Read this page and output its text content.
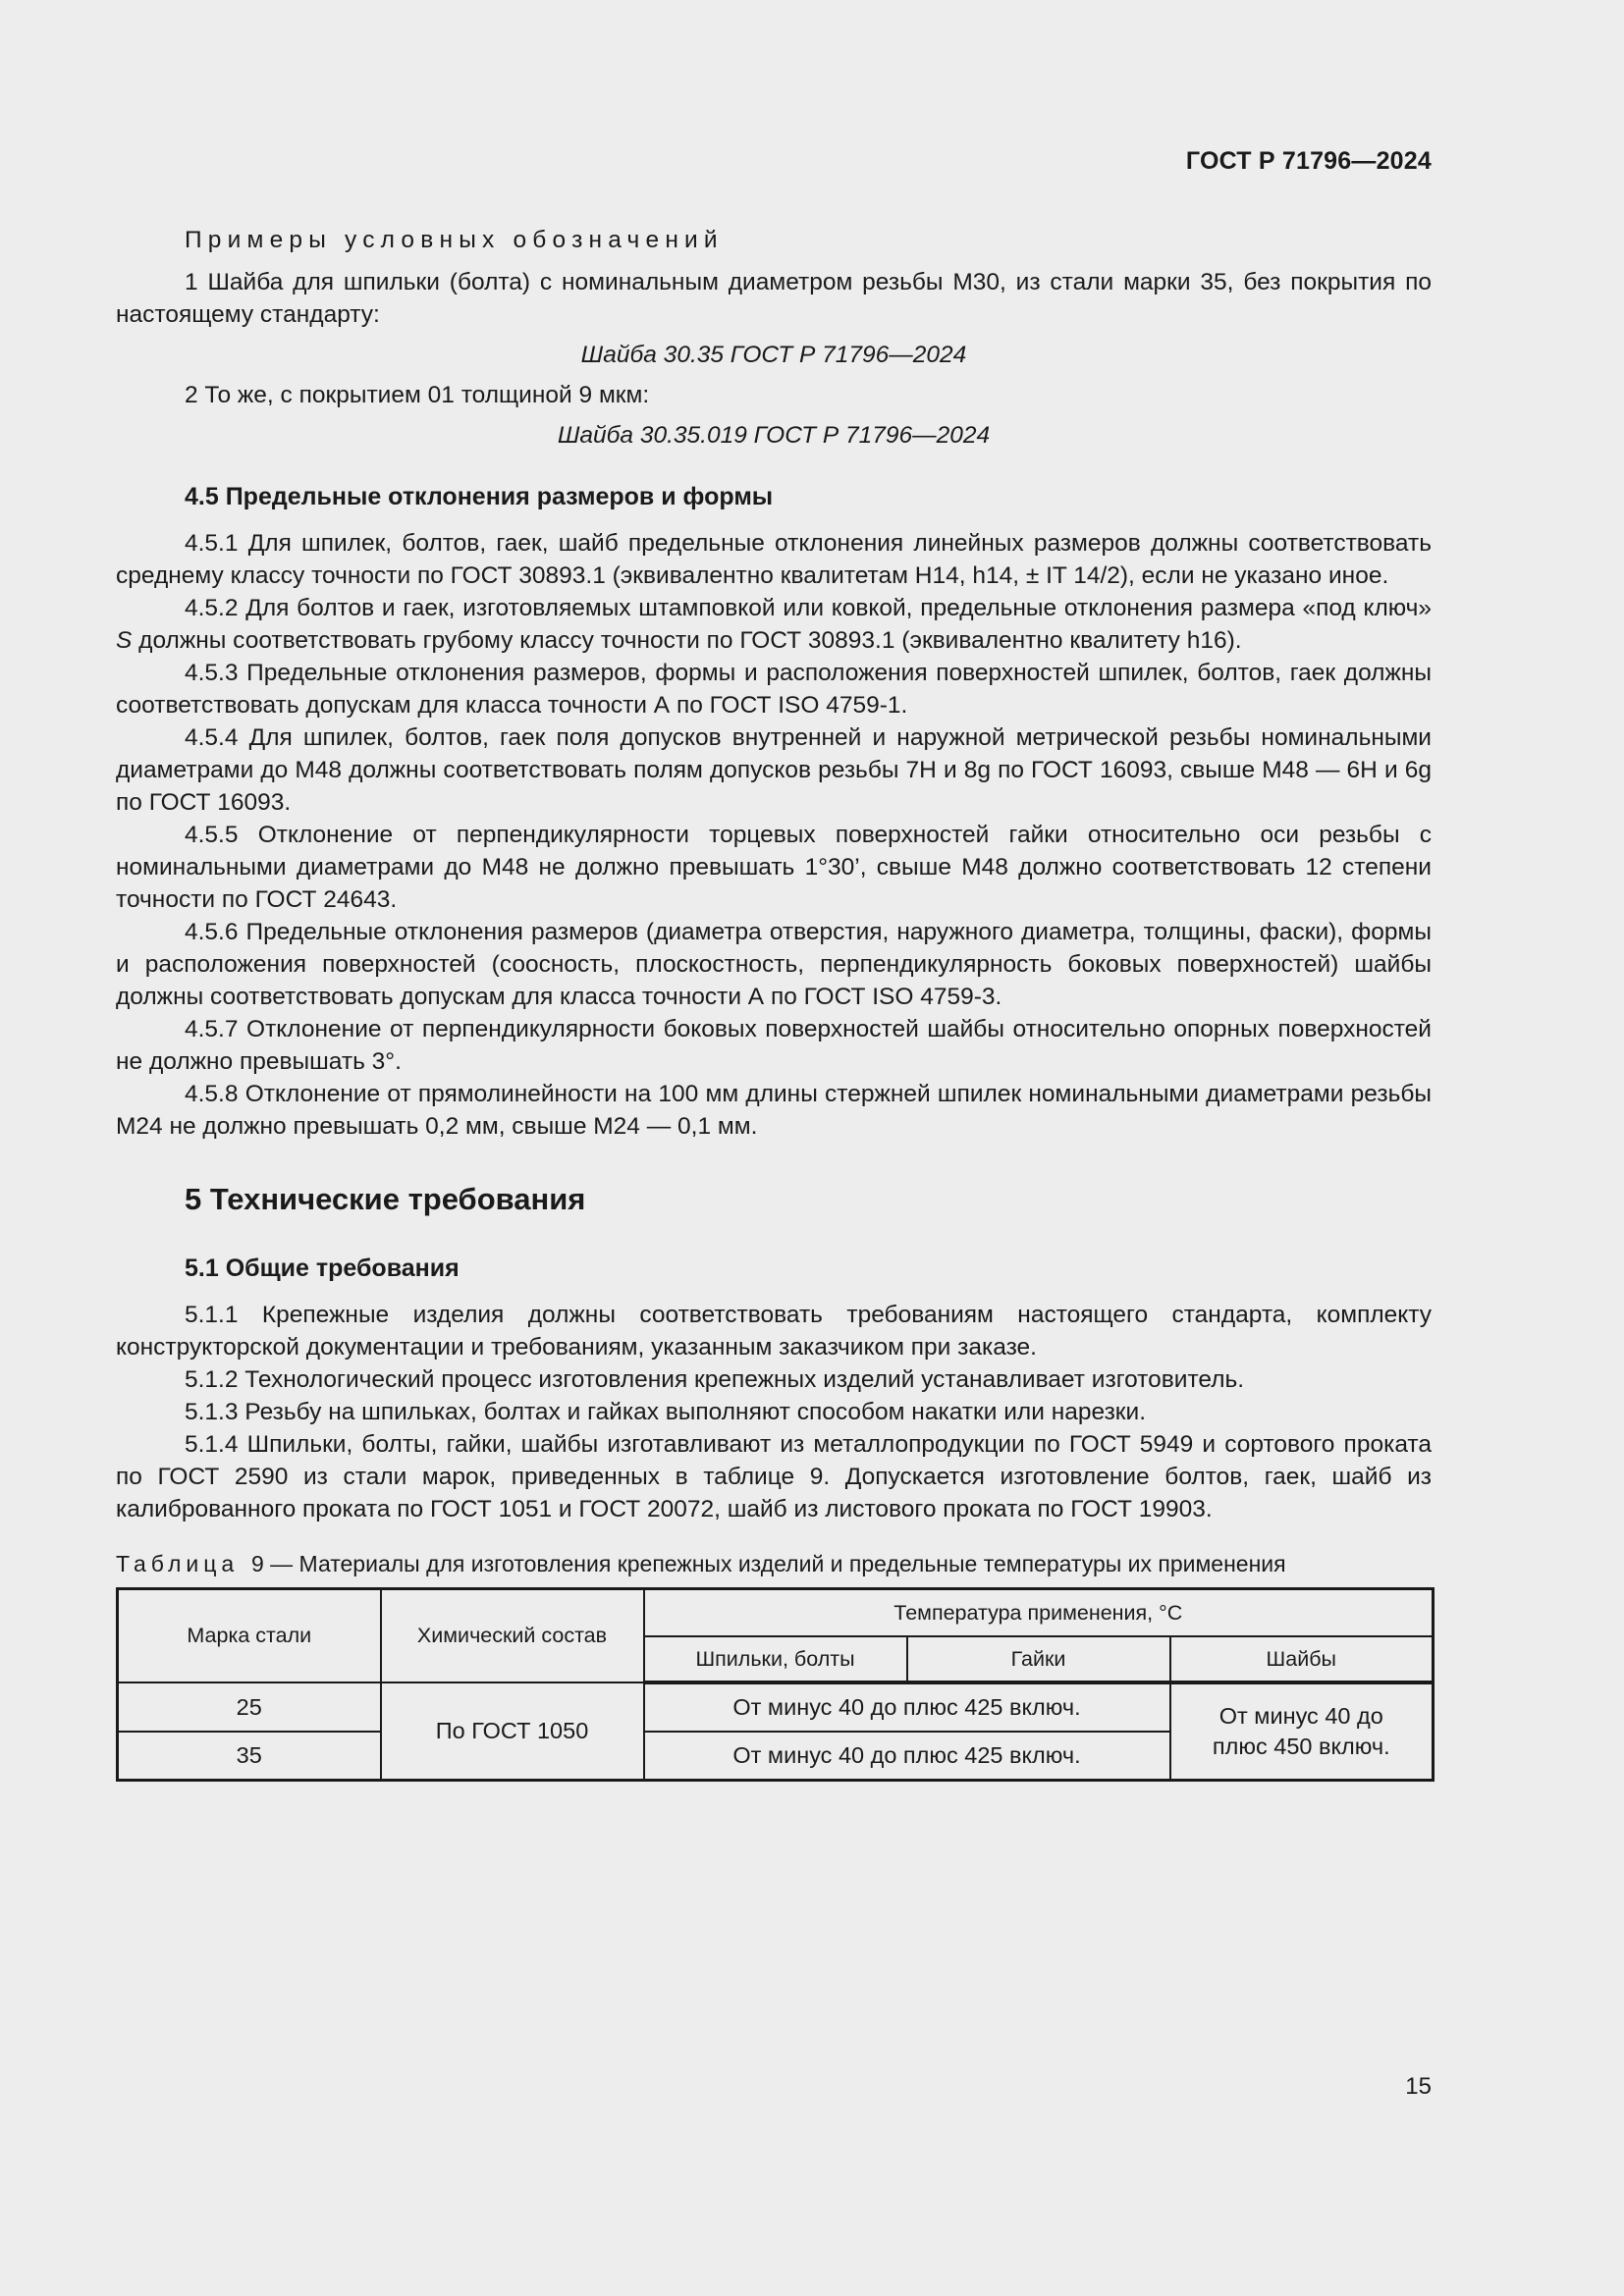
ГОСТ Р 71796—2024

Примеры условных обозначений

1 Шайба для шпильки (болта) с номинальным диаметром резьбы М30, из стали марки 35, без покрытия по настоящему стандарту:

Шайба 30.35 ГОСТ Р 71796—2024

2 То же, с покрытием 01 толщиной 9 мкм:

Шайба 30.35.019 ГОСТ Р 71796—2024

4.5 Предельные отклонения размеров и формы

4.5.1 Для шпилек, болтов, гаек, шайб предельные отклонения линейных размеров должны соответствовать среднему классу точности по ГОСТ 30893.1 (эквивалентно квалитетам H14, h14, ± IT 14/2), если не указано иное.

4.5.2 Для болтов и гаек, изготовляемых штамповкой или ковкой, предельные отклонения размера «под ключ» S должны соответствовать грубому классу точности по ГОСТ 30893.1 (эквивалентно квалитету h16).

4.5.3 Предельные отклонения размеров, формы и расположения поверхностей шпилек, болтов, гаек должны соответствовать допускам для класса точности А по ГОСТ ISO 4759-1.

4.5.4 Для шпилек, болтов, гаек поля допусков внутренней и наружной метрической резьбы номинальными диаметрами до М48 должны соответствовать полям допусков резьбы 7Н и 8g по ГОСТ 16093, свыше М48 — 6Н и 6g по ГОСТ 16093.

4.5.5 Отклонение от перпендикулярности торцевых поверхностей гайки относительно оси резьбы с номинальными диаметрами до М48 не должно превышать 1°30’, свыше М48 должно соответствовать 12 степени точности по ГОСТ 24643.

4.5.6 Предельные отклонения размеров (диаметра отверстия, наружного диаметра, толщины, фаски), формы и расположения поверхностей (соосность, плоскостность, перпендикулярность боковых поверхностей) шайбы должны соответствовать допускам для класса точности А по ГОСТ ISO 4759-3.

4.5.7 Отклонение от перпендикулярности боковых поверхностей шайбы относительно опорных поверхностей не должно превышать 3°.

4.5.8 Отклонение от прямолинейности на 100 мм длины стержней шпилек номинальными диаметрами резьбы М24 не должно превышать 0,2 мм, свыше М24 — 0,1 мм.

5 Технические требования

5.1 Общие требования

5.1.1 Крепежные изделия должны соответствовать требованиям настоящего стандарта, комплекту конструкторской документации и требованиям, указанным заказчиком при заказе.

5.1.2 Технологический процесс изготовления крепежных изделий устанавливает изготовитель.

5.1.3 Резьбу на шпильках, болтах и гайках выполняют способом накатки или нарезки.

5.1.4 Шпильки, болты, гайки, шайбы изготавливают из металлопродукции по ГОСТ 5949 и сортового проката по ГОСТ 2590 из стали марок, приведенных в таблице 9. Допускается изготовление болтов, гаек, шайб из калиброванного проката по ГОСТ 1051 и ГОСТ 20072, шайб из листового проката по ГОСТ 19903.

Таблица 9 — Материалы для изготовления крепежных изделий и предельные температуры их применения

Марка стали	Химический состав	Температура применения, °С		
		Шпильки, болты	Гайки	Шайбы
25	По ГОСТ 1050	От минус 40 до плюс 425 включ.		От минус 40 до
плюс 450 включ.
35		От минус 40 до плюс 425 включ.		
15
